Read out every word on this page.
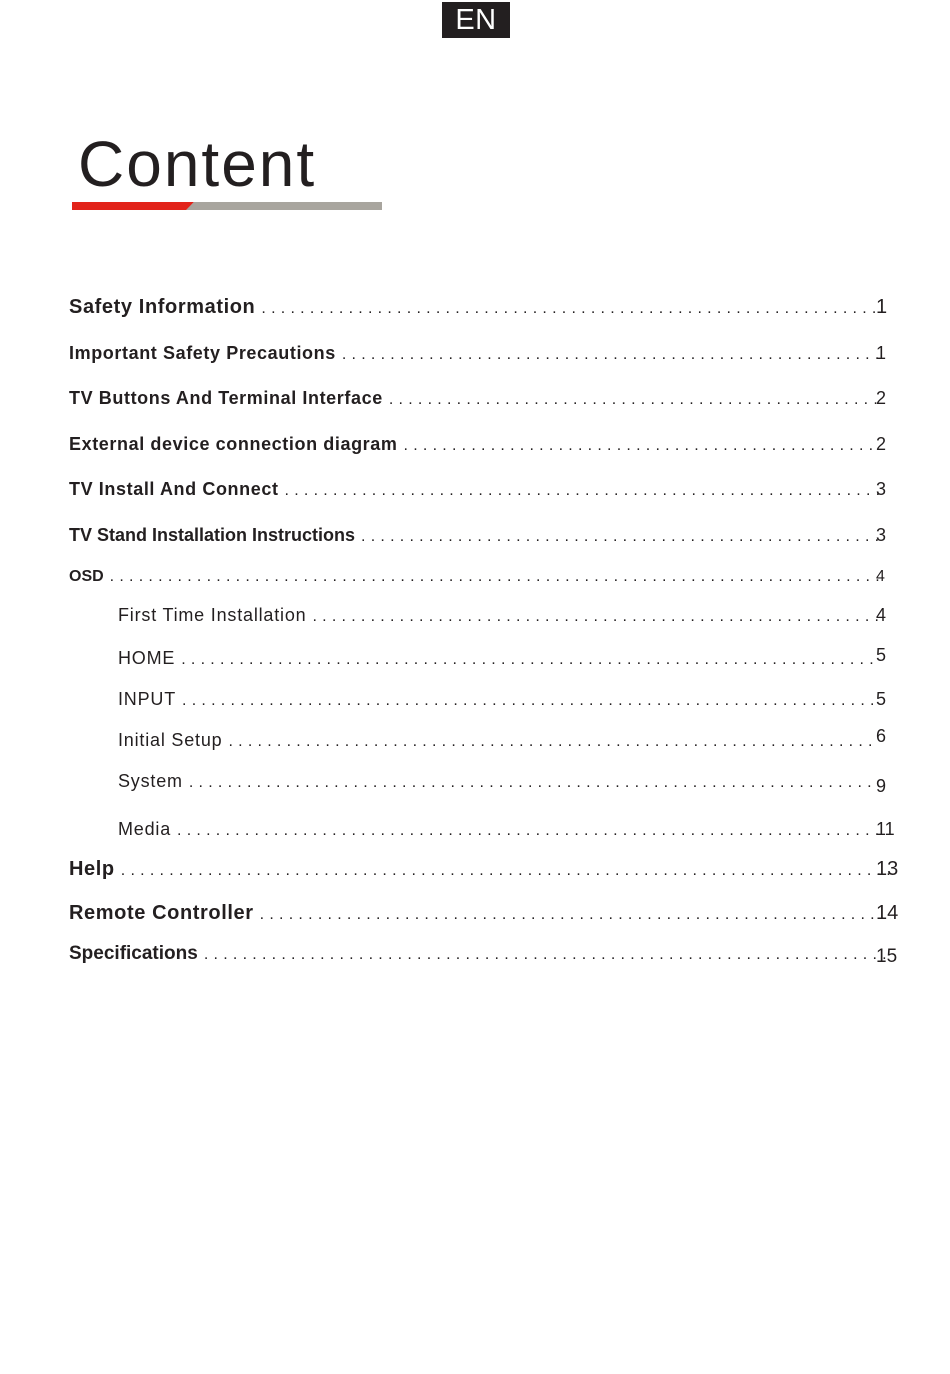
EN
Content
Safety Information . . .	1
Important Safety Precautions . . .	1
TV Buttons And Terminal Interface . . .	2
External device connection diagram . . .	2
TV Install And Connect . . .	3
TV Stand Installation Instructions . . .	3
OSD . . .	4
First Time Installation . . .	4
HOME . . .	5
INPUT . . .	5
Initial Setup . . .	6
System . . .	9
Media . . .	11
Help . . .	13
Remote Controller . . .	14
Specifications . . .	15
